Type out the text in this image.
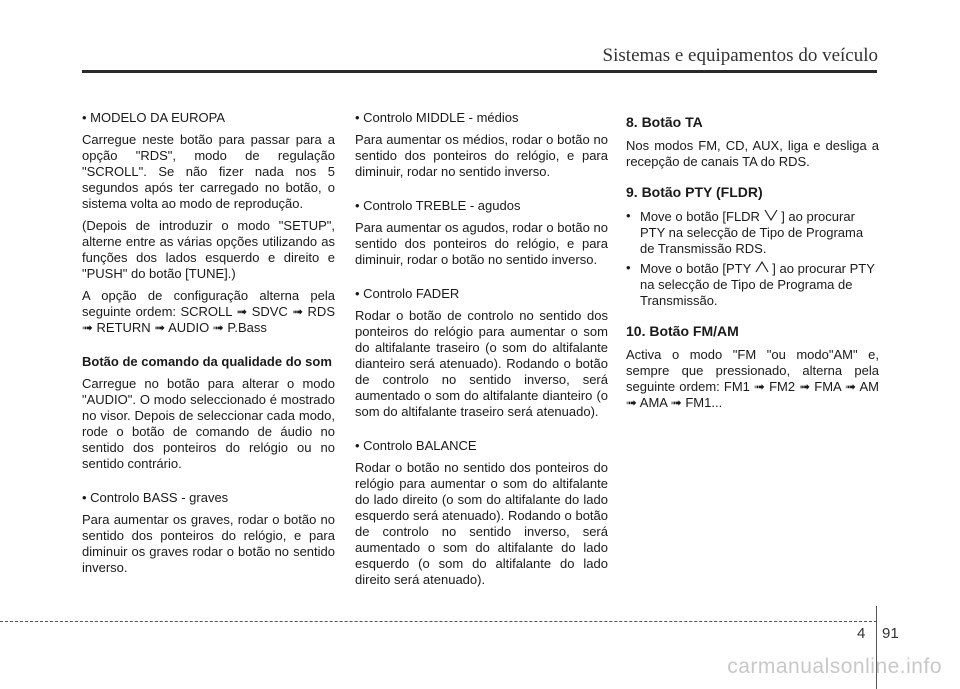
Sistemas e equipamentos do veículo

• MODELO DA EUROPA

Carregue neste botão para passar para a opção "RDS", modo de regulação "SCROLL". Se não fizer nada nos 5 segundos após ter carregado no botão, o sistema volta ao modo de reprodução.

(Depois de introduzir o modo "SETUP", alterne entre as várias opções utilizando as funções dos lados esquerdo e direito e "PUSH" do botão [TUNE].)

A opção de configuração alterna pela seguinte ordem: SCROLL ➟ SDVC ➟ RDS ➟ RETURN ➟ AUDIO ➟ P.Bass

Botão de comando da qualidade do som

Carregue no botão para alterar o modo "AUDIO". O modo seleccionado é mostrado no visor. Depois de seleccionar cada modo, rode o botão de comando de áudio no sentido dos ponteiros do relógio ou no sentido contrário.

• Controlo BASS - graves

Para aumentar os graves, rodar o botão no sentido dos ponteiros do relógio, e para diminuir os graves rodar o botão no sentido inverso.

• Controlo MIDDLE - médios

Para aumentar os médios, rodar o botão no sentido dos ponteiros do relógio, e para diminuir, rodar no sentido inverso.

• Controlo TREBLE - agudos

Para aumentar os agudos, rodar o botão no sentido dos ponteiros do relógio, e para diminuir, rodar o botão no sentido inverso.

• Controlo FADER

Rodar o botão de controlo no sentido dos ponteiros do relógio para aumentar o som do altifalante traseiro (o som do altifalante dianteiro será atenuado). Rodando o botão de controlo no sentido inverso, será aumentado o som do altifalante dianteiro (o som do altifalante traseiro será atenuado).

• Controlo BALANCE

Rodar o botão no sentido dos ponteiros do relógio para aumentar o som do altifalante do lado direito (o som do altifalante do lado esquerdo será atenuado). Rodando o botão de controlo no sentido inverso, será aumentado o som do altifalante do lado esquerdo (o som do altifalante do lado direito será atenuado).

8. Botão TA

Nos modos FM, CD, AUX, liga e desliga a recepção de canais TA do RDS.

9. Botão PTY (FLDR)

• Move o botão [FLDR ] ao procurar PTY na selecção de Tipo de Programa de Transmissão RDS.
• Move o botão [PTY ] ao procurar PTY na selecção de Tipo de Programa de Transmissão.

10. Botão FM/AM

Activa o modo "FM "ou modo"AM" e, sempre que pressionado, alterna pela seguinte ordem: FM1 ➟ FM2 ➟ FMA ➟ AM ➟ AMA ➟ FM1...

4 91
carmanualsonline.info
